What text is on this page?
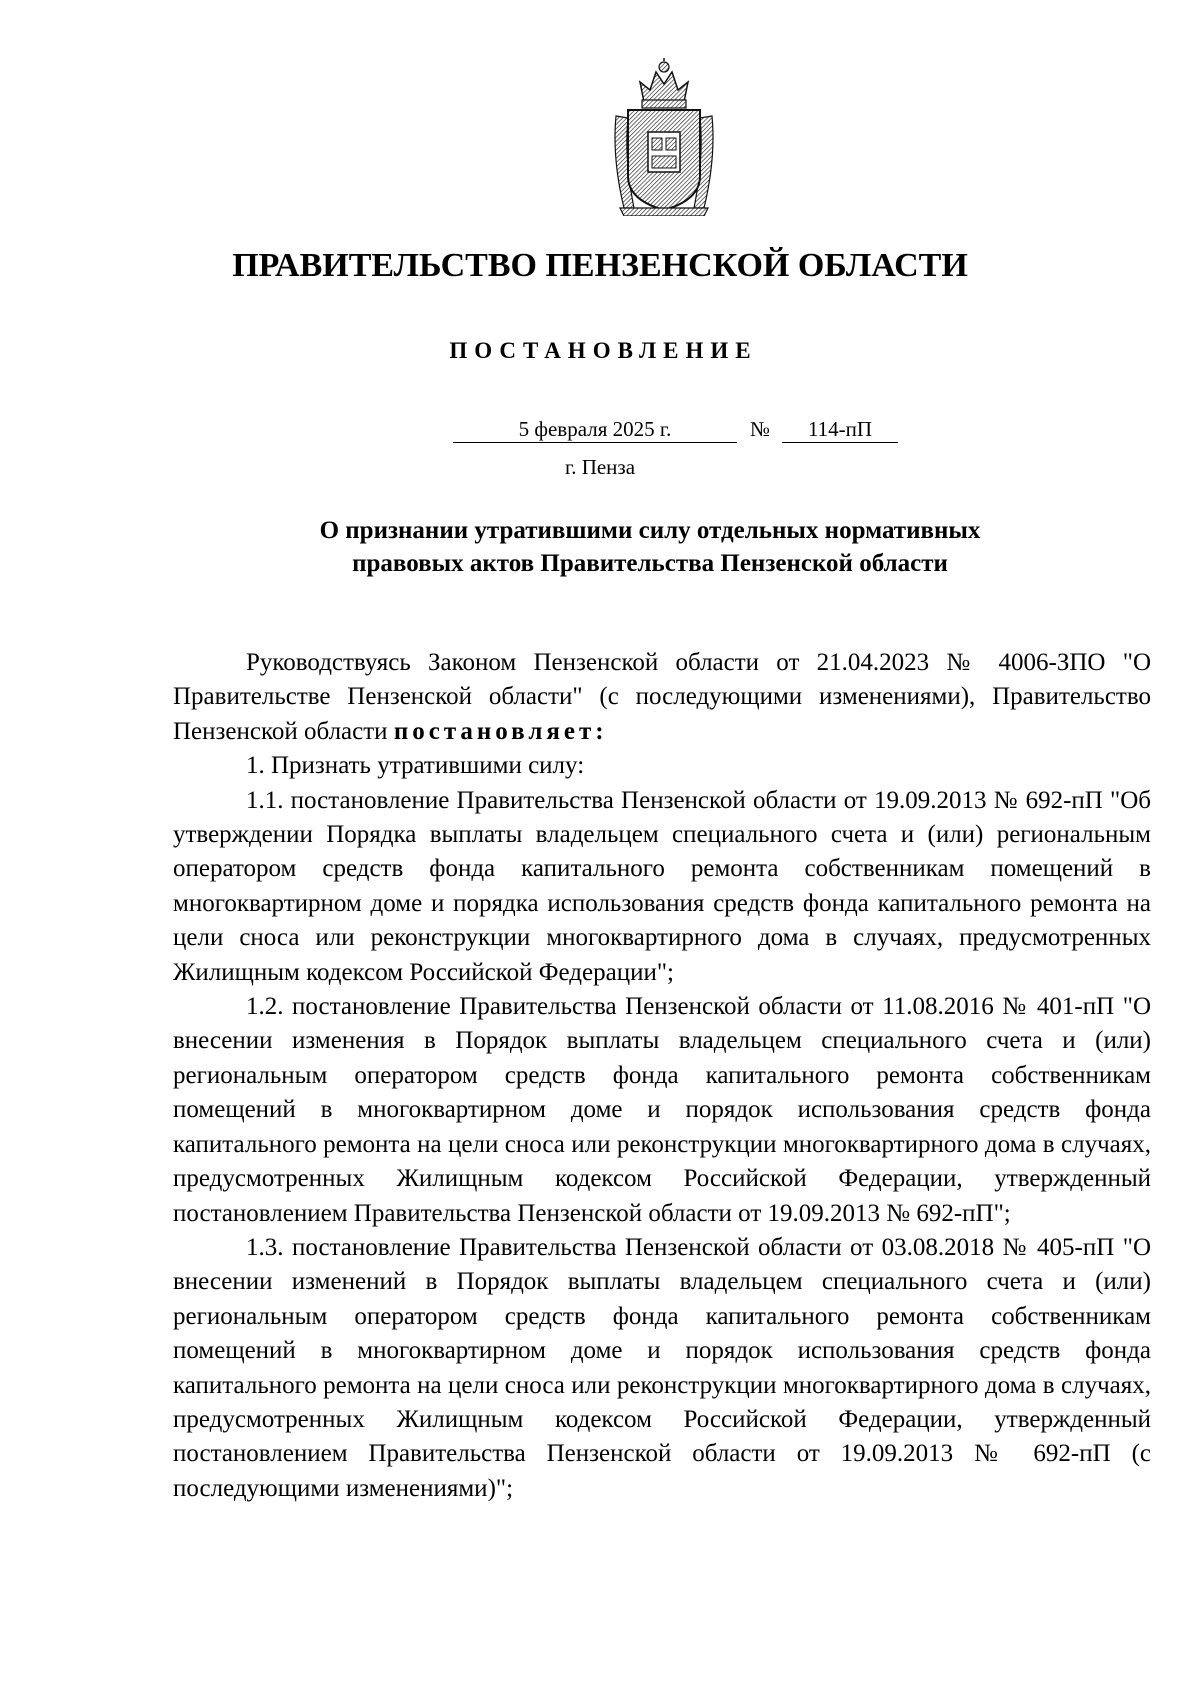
ПРАВИТЕЛЬСТВО ПЕНЗЕНСКОЙ ОБЛАСТИ
ПОСТАНОВЛЕНИЕ
5 февраля 2025 г.	№	114-пП
г. Пенза
О признании утратившими силу отдельных нормативных
правовых актов Правительства Пензенской области

Руководствуясь Законом Пензенской области от 21.04.2023 № 4006-ЗПО "О Правительстве Пензенской области" (с последующими изменениями), Правительство Пензенской области постановляет:

1. Признать утратившими силу:

1.1. постановление Правительства Пензенской области от 19.09.2013 № 692-пП "Об утверждении Порядка выплаты владельцем специального счета и (или) региональным оператором средств фонда капитального ремонта собственникам помещений в многоквартирном доме и порядка использования средств фонда капитального ремонта на цели сноса или реконструкции многоквартирного дома в случаях, предусмотренных Жилищным кодексом Российской Федерации";

1.2. постановление Правительства Пензенской области от 11.08.2016 № 401-пП "О внесении изменения в Порядок выплаты владельцем специального счета и (или) региональным оператором средств фонда капитального ремонта собственникам помещений в многоквартирном доме и порядок использования средств фонда капитального ремонта на цели сноса или реконструкции многоквартирного дома в случаях, предусмотренных Жилищным кодексом Российской Федерации, утвержденный постановлением Правительства Пензенской области от 19.09.2013 № 692-пП";

1.3. постановление Правительства Пензенской области от 03.08.2018 № 405-пП "О внесении изменений в Порядок выплаты владельцем специального счета и (или) региональным оператором средств фонда капитального ремонта собственникам помещений в многоквартирном доме и порядок использования средств фонда капитального ремонта на цели сноса или реконструкции многоквартирного дома в случаях, предусмотренных Жилищным кодексом Российской Федерации, утвержденный постановлением Правительства Пензенской области от 19.09.2013 № 692-пП (с последующими изменениями)";
